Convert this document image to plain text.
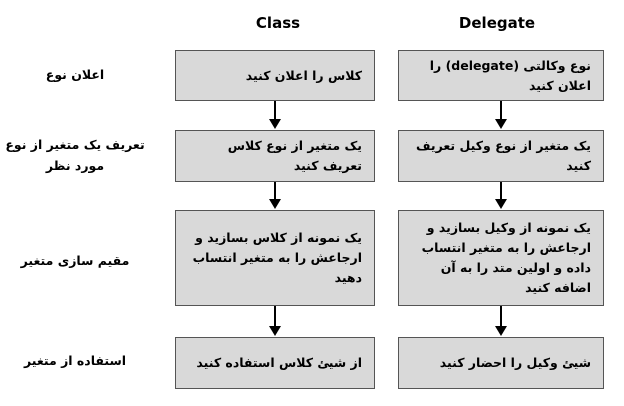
Class	Delegate
اعلان نوع
تعریف یک متغیر از نوع مورد نظر
مقیم سازی متغیر
استفاده از متغیر
کلاس را اعلان کنید
یک متغیر از نوع کلاس تعریف کنید
یک نمونه از کلاس بسازید و ارجاعش را به متغیر انتساب دهید
از شیئ کلاس استفاده کنید
نوع وکالتی (delegate) را اعلان کنید
یک متغیر از نوع وکیل تعریف کنید
یک نمونه از وکیل بسازید و ارجاعش را به متغیر انتساب داده و اولین متد را به آن اضافه کنید
شیئ وکیل را احضار کنید
